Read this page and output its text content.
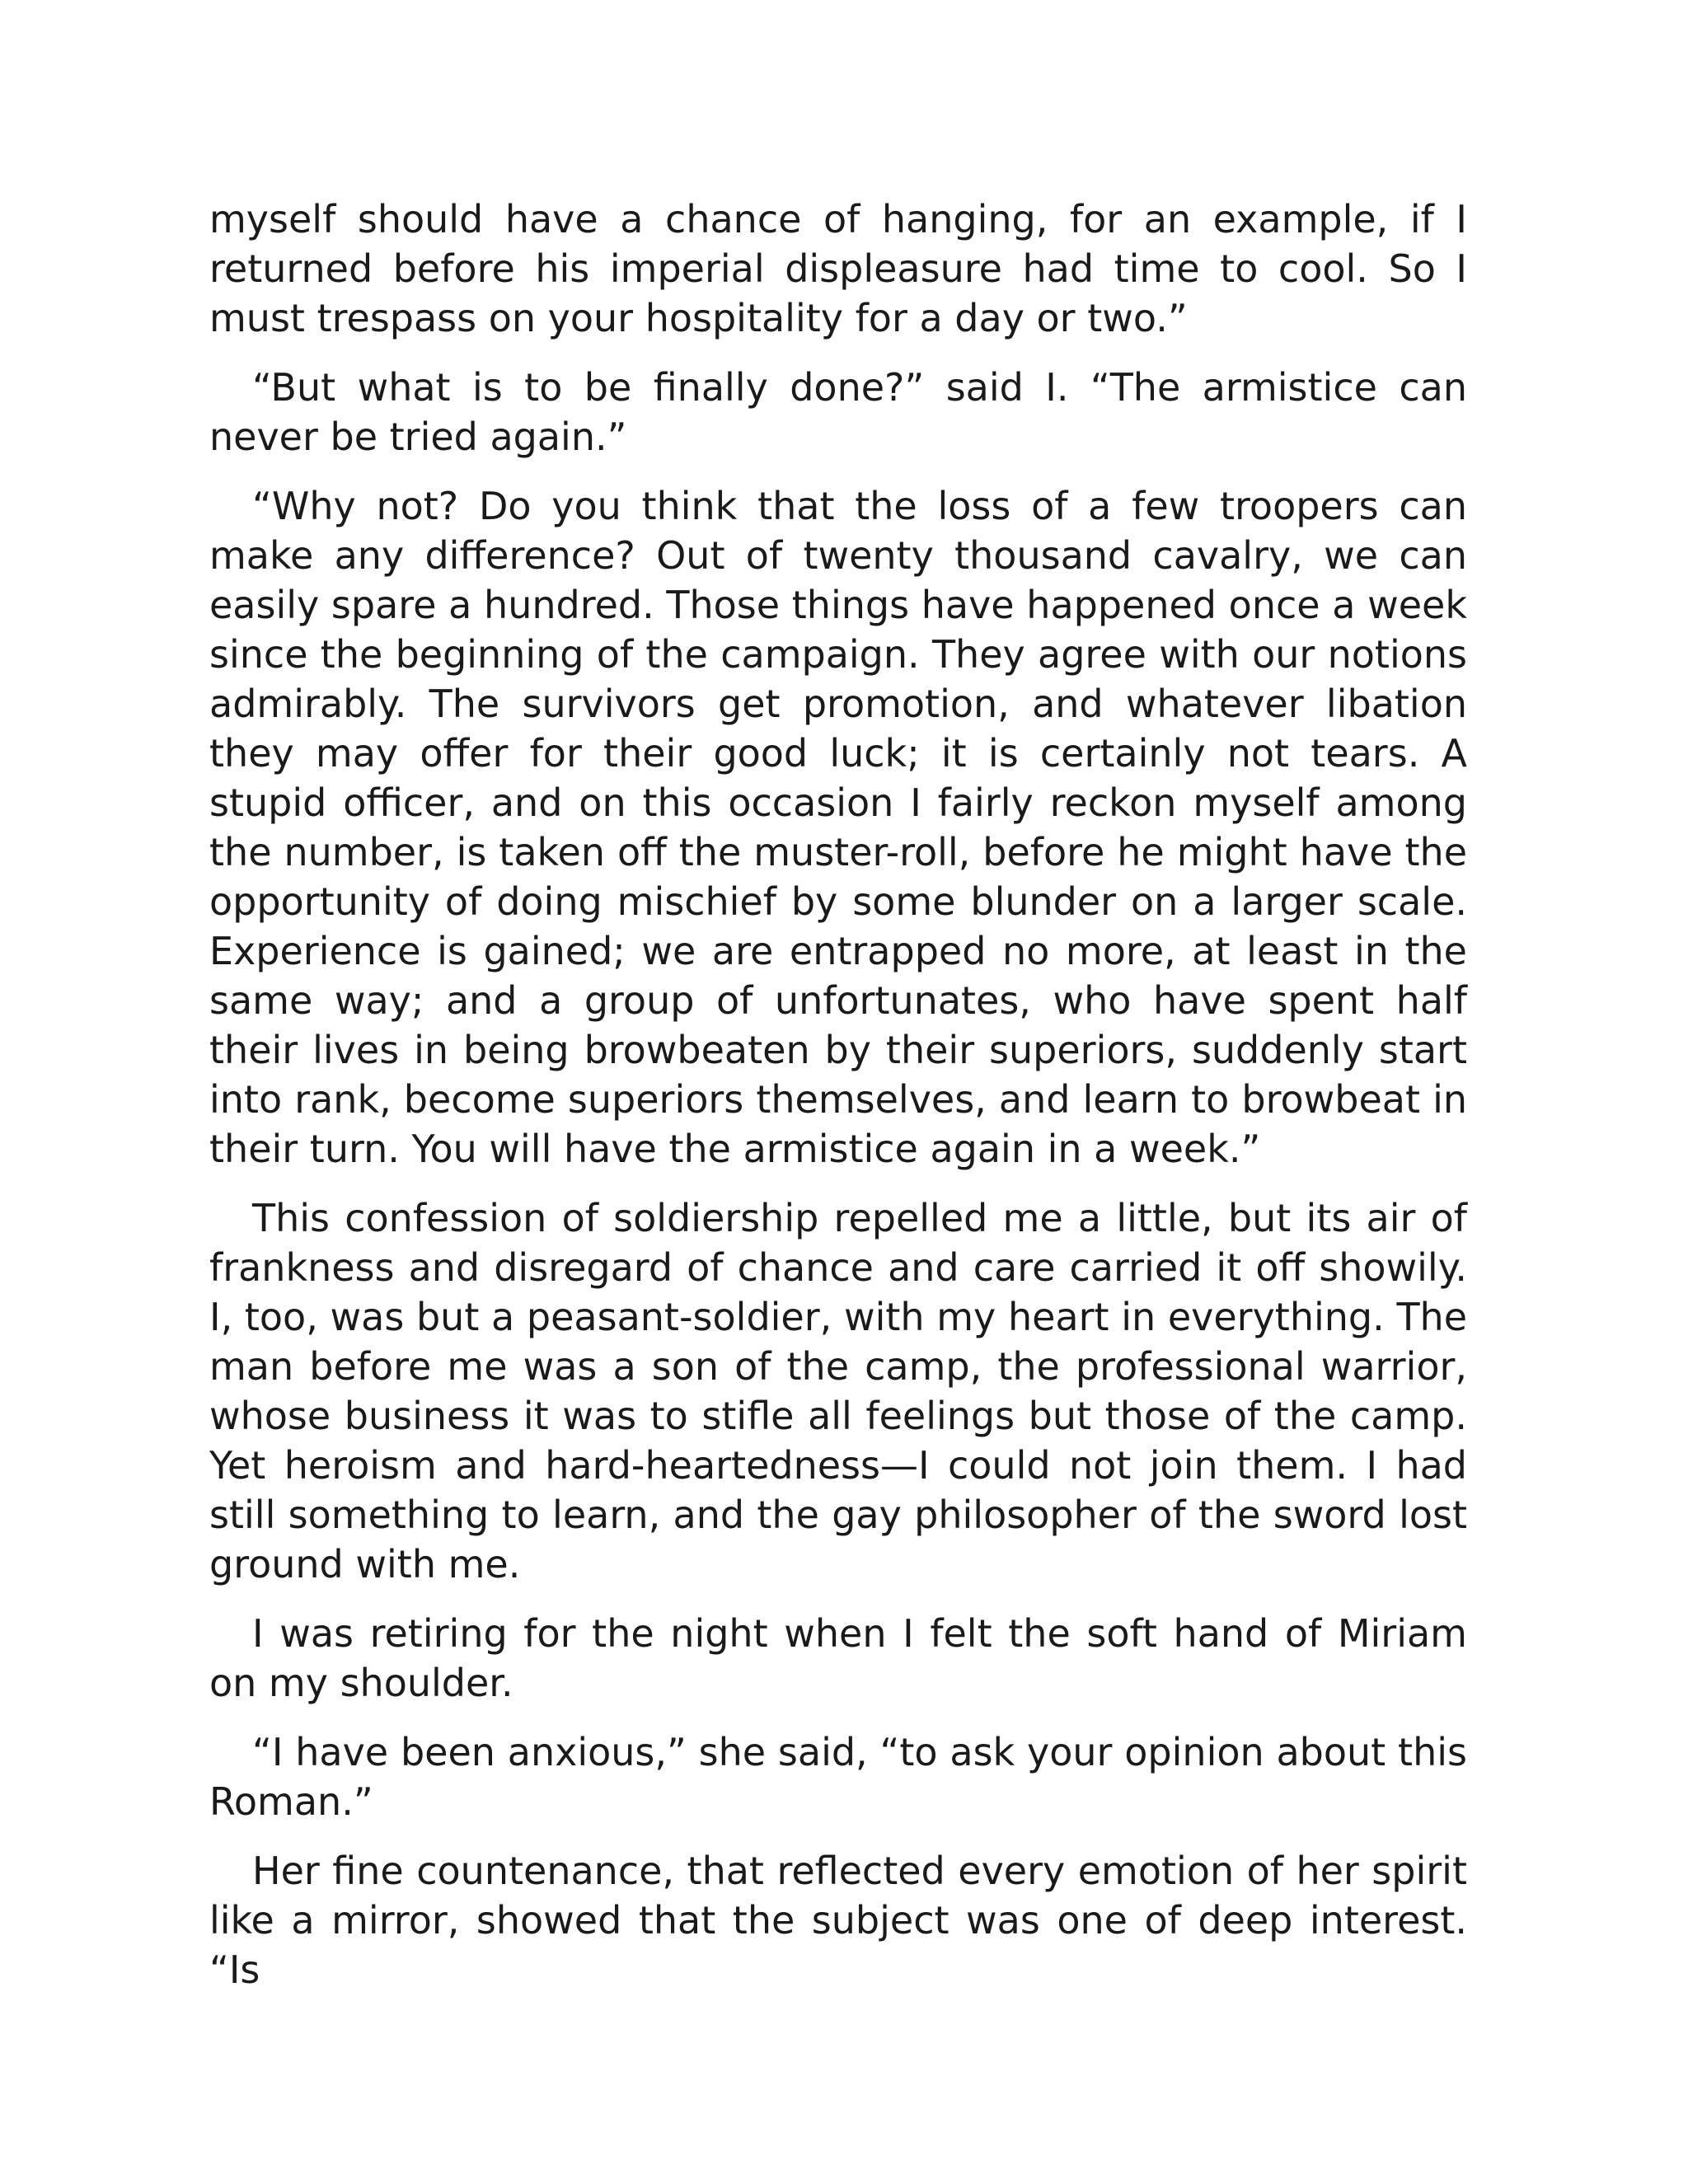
myself should have a chance of hanging, for an example, if I returned before his imperial displeasure had time to cool. So I must trespass on your hospitality for a day or two.”

“But what is to be finally done?” said I. “The armistice can never be tried again.”

“Why not? Do you think that the loss of a few troopers can make any difference? Out of twenty thousand cavalry, we can easily spare a hundred. Those things have happened once a week since the beginning of the campaign. They agree with our notions admirably. The survivors get promotion, and whatever libation they may offer for their good luck; it is certainly not tears. A stupid officer, and on this occasion I fairly reckon myself among the number, is taken off the muster-roll, before he might have the opportunity of doing mischief by some blunder on a larger scale. Experience is gained; we are entrapped no more, at least in the same way; and a group of unfortunates, who have spent half their lives in being browbeaten by their superiors, suddenly start into rank, become superiors themselves, and learn to browbeat in their turn. You will have the armistice again in a week.”

This confession of soldiership repelled me a little, but its air of frankness and disregard of chance and care carried it off showily. I, too, was but a peasant-soldier, with my heart in everything. The man before me was a son of the camp, the professional warrior, whose business it was to stifle all feelings but those of the camp. Yet heroism and hard-heartedness—I could not join them. I had still something to learn, and the gay philosopher of the sword lost ground with me.

I was retiring for the night when I felt the soft hand of Miriam on my shoulder.

“I have been anxious,” she said, “to ask your opinion about this Roman.”

Her fine countenance, that reflected every emotion of her spirit like a mirror, showed that the subject was one of deep interest. “Is
